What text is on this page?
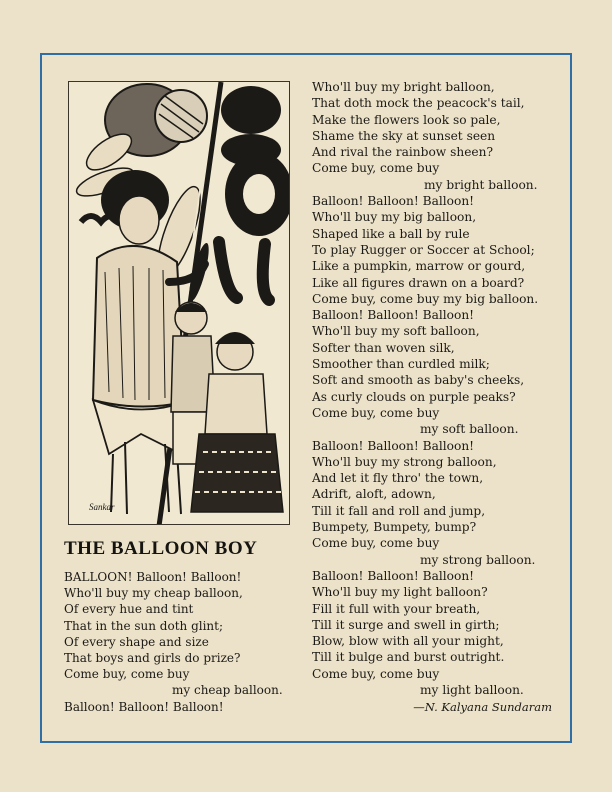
Sankar
THE BALLOON BOY
BALLOON! Balloon! Balloon!
Who'll buy my cheap balloon,
Of every hue and tint
That in the sun doth glint;
Of every shape and size
That boys and girls do prize?
Come buy, come buy
my cheap balloon.
Balloon! Balloon! Balloon!
Who'll buy my bright balloon,
That doth mock the peacock's tail,
Make the flowers look so pale,
Shame the sky at sunset seen
And rival the rainbow sheen?
Come buy, come buy
my bright balloon.
Balloon! Balloon! Balloon!
Who'll buy my big balloon,
Shaped like a ball by rule
To play Rugger or Soccer at School;
Like a pumpkin, marrow or gourd,
Like all figures drawn on a board?
Come buy, come buy my big balloon.
Balloon! Balloon! Balloon!
Who'll buy my soft balloon,
Softer than woven silk,
Smoother than curdled milk;
Soft and smooth as baby's cheeks,
As curly clouds on purple peaks?
Come buy, come buy
my soft balloon.
Balloon! Balloon! Balloon!
Who'll buy my strong balloon,
And let it fly thro' the town,
Adrift, aloft, adown,
Till it fall and roll and jump,
Bumpety, Bumpety, bump?
Come buy, come buy
my strong balloon.
Balloon! Balloon! Balloon!
Who'll buy my light balloon?
Fill it full with your breath,
Till it surge and swell in girth;
Blow, blow with all your might,
Till it bulge and burst outright.
Come buy, come buy
my light balloon.
—N. Kalyana Sundaram
